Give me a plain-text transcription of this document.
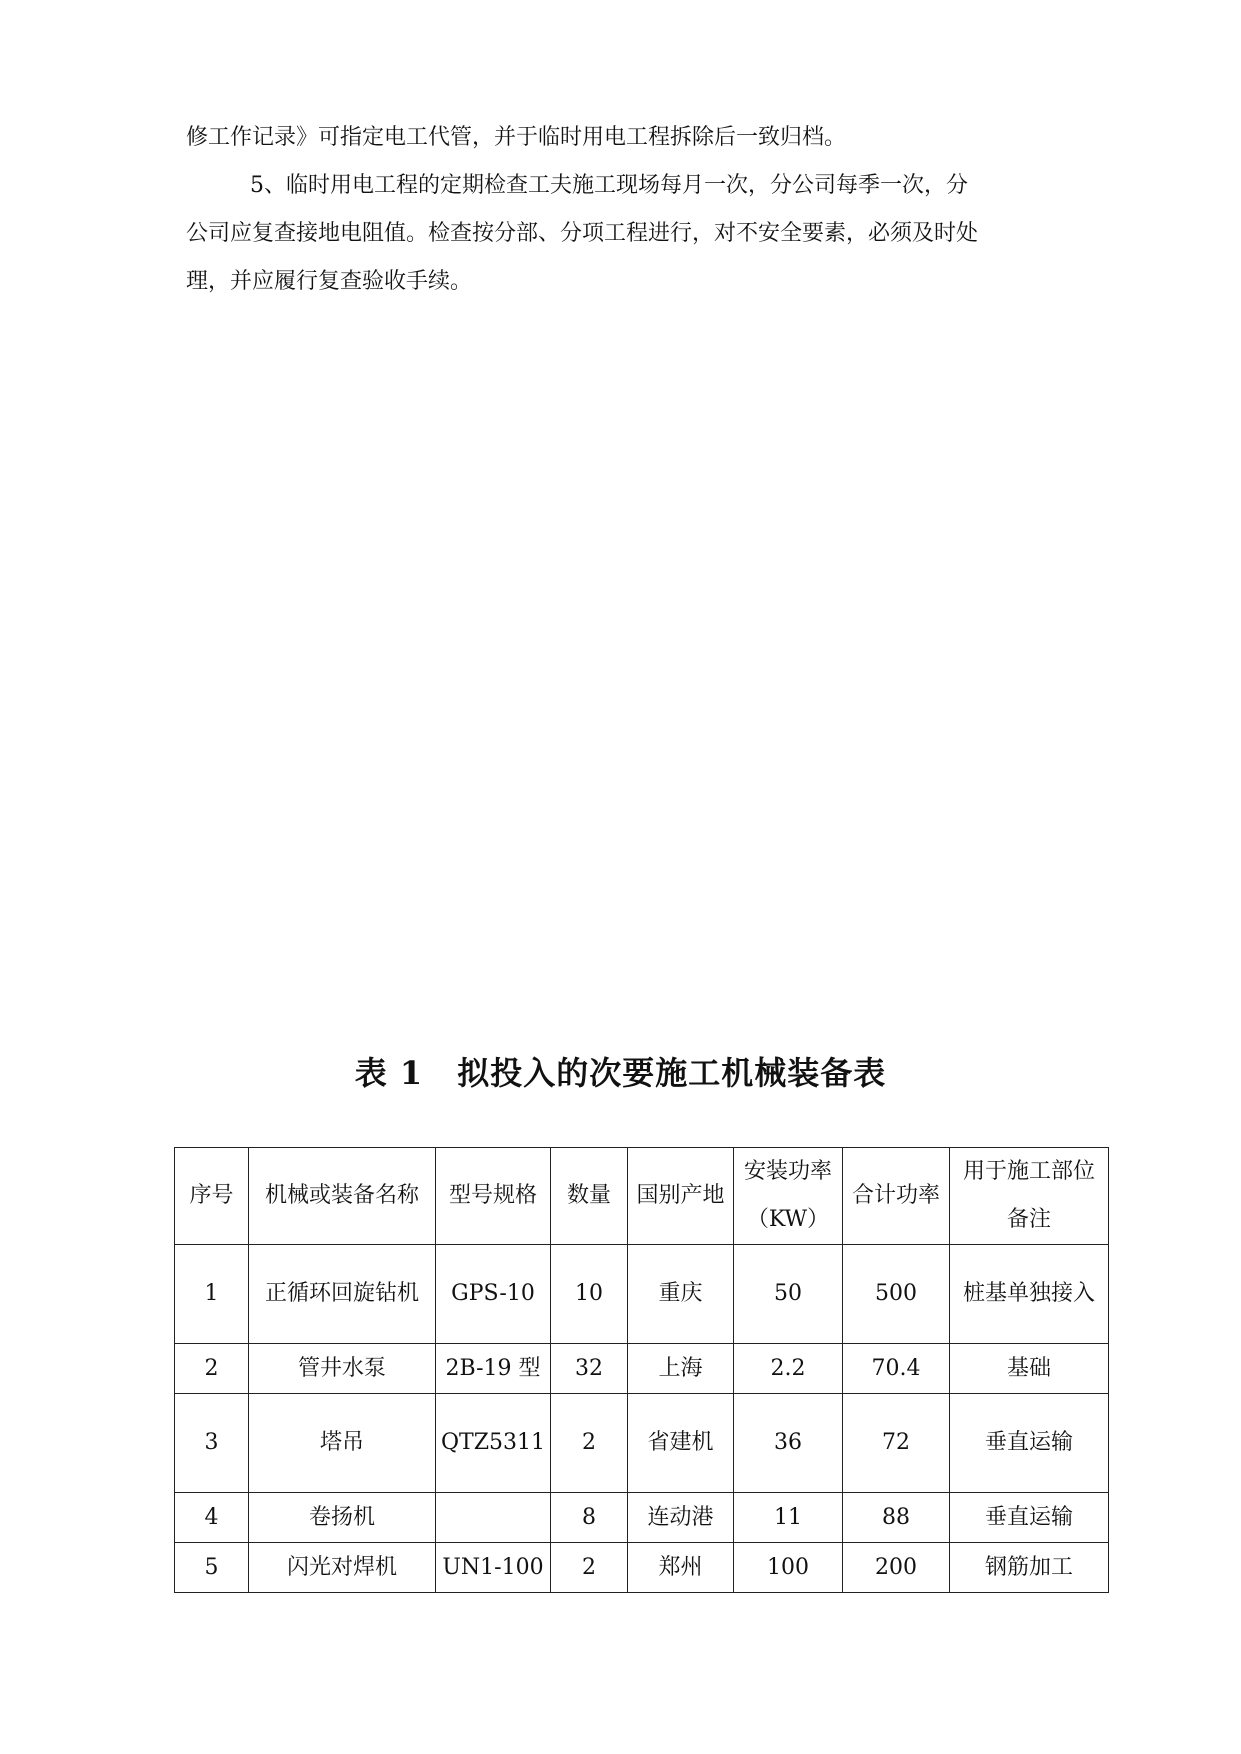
修工作记录》可指定电工代管，并于临时用电工程拆除后一致归档。

5、临时用电工程的定期检查工夫施工现场每月一次，分公司每季一次，分

公司应复查接地电阻值。检查按分部、分项工程进行，对不安全要素，必须及时处

理，并应履行复查验收手续。

表 1 拟投入的次要施工机械装备表
序号	机械或装备名称	型号规格	数量	国别产地	安装功率（KW）	合计功率	用于施工部位备注
1	正循环回旋钻机	GPS-10	10	重庆	50	500	桩基单独接入
2	管井水泵	2B-19 型	32	上海	2.2	70.4	基础
3	塔吊	QTZ5311	2	省建机	36	72	垂直运输
4	卷扬机		8	连动港	11	88	垂直运输
5	闪光对焊机	UN1-100	2	郑州	100	200	钢筋加工
